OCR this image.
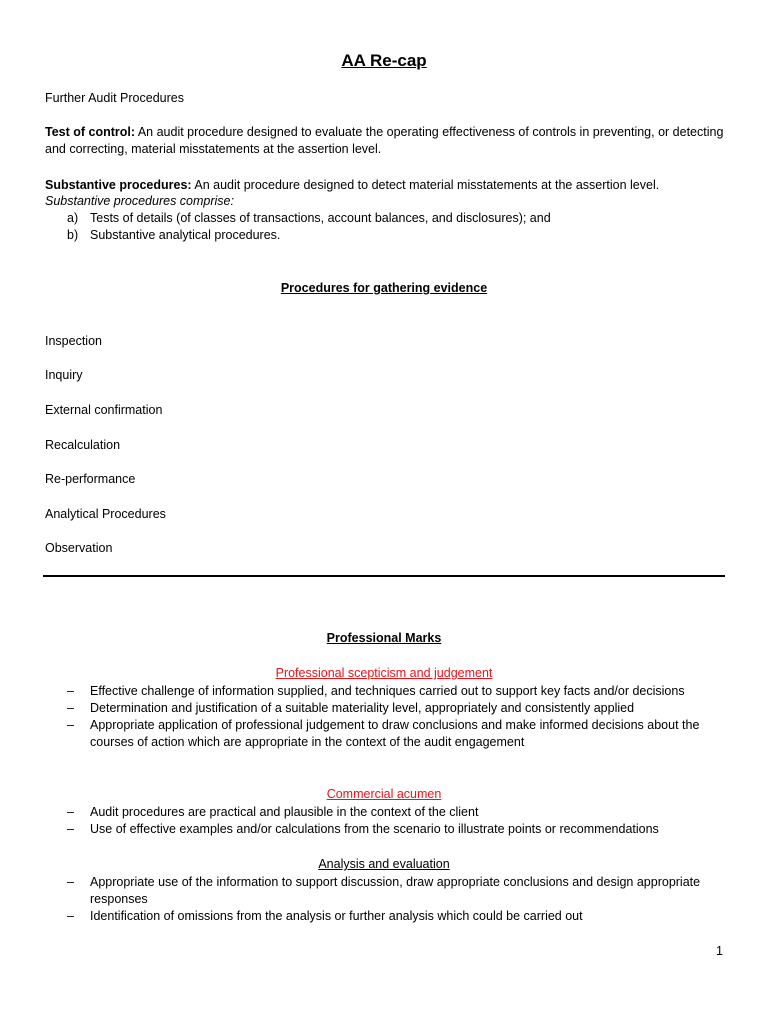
AA Re-cap
Further Audit Procedures
Test of control: An audit procedure designed to evaluate the operating effectiveness of controls in preventing, or detecting and correcting, material misstatements at the assertion level.
Substantive procedures: An audit procedure designed to detect material misstatements at the assertion level.
Substantive procedures comprise:
a) Tests of details (of classes of transactions, account balances, and disclosures); and
b) Substantive analytical procedures.
Procedures for gathering evidence
Inspection
Inquiry
External confirmation
Recalculation
Re-performance
Analytical Procedures
Observation
Professional Marks
Professional scepticism and judgement
– Effective challenge of information supplied, and techniques carried out to support key facts and/or decisions
– Determination and justification of a suitable materiality level, appropriately and consistently applied
– Appropriate application of professional judgement to draw conclusions and make informed decisions about the courses of action which are appropriate in the context of the audit engagement
Commercial acumen
– Audit procedures are practical and plausible in the context of the client
– Use of effective examples and/or calculations from the scenario to illustrate points or recommendations
Analysis and evaluation
– Appropriate use of the information to support discussion, draw appropriate conclusions and design appropriate responses
– Identification of omissions from the analysis or further analysis which could be carried out
1
